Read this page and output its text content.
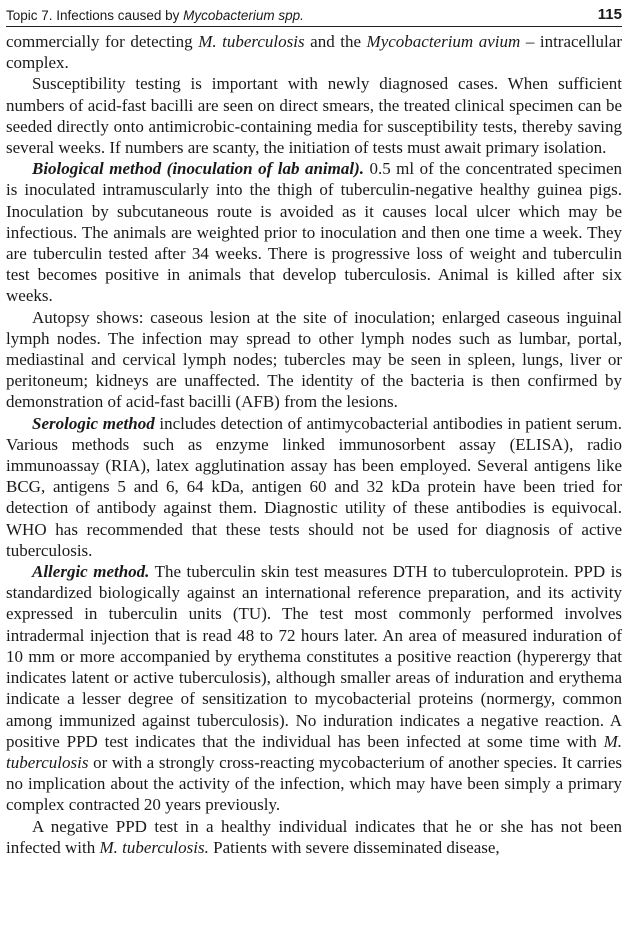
Topic 7. Infections caused by Mycobacterium spp.	115

commercially for detecting M. tuberculosis and the Mycobacterium avium – intracellular complex.

Susceptibility testing is important with newly diagnosed cases. When sufficient numbers of acid-fast bacilli are seen on direct smears, the treated clinical specimen can be seeded directly onto antimicrobic-containing media for susceptibility tests, thereby saving several weeks. If numbers are scanty, the initiation of tests must await primary isolation.

Biological method (inoculation of lab animal). 0.5 ml of the concentrated specimen is inoculated intramuscularly into the thigh of tuberculin-negative healthy guinea pigs. Inoculation by subcutaneous route is avoided as it causes local ulcer which may be infectious. The animals are weighted prior to inoculation and then one time a week. They are tuberculin tested after 34 weeks. There is progressive loss of weight and tuberculin test becomes positive in animals that develop tuberculosis. Animal is killed after six weeks.

Autopsy shows: caseous lesion at the site of inoculation; enlarged caseous inguinal lymph nodes. The infection may spread to other lymph nodes such as lumbar, portal, mediastinal and cervical lymph nodes; tubercles may be seen in spleen, lungs, liver or peritoneum; kidneys are unaffected. The identity of the bacteria is then confirmed by demonstration of acid-fast bacilli (AFB) from the lesions.

Serologic method includes detection of antimycobacterial antibodies in patient serum. Various methods such as enzyme linked immunosorbent assay (ELISA), radio immunoassay (RIA), latex agglutination assay has been employed. Several antigens like BCG, antigens 5 and 6, 64 kDa, antigen 60 and 32 kDa protein have been tried for detection of antibody against them. Diagnostic utility of these antibodies is equivocal. WHO has recommended that these tests should not be used for diagnosis of active tuberculosis.

Allergic method. The tuberculin skin test measures DTH to tuberculoprotein. PPD is standardized biologically against an international reference preparation, and its activity expressed in tuberculin units (TU). The test most commonly performed involves intradermal injection that is read 48 to 72 hours later. An area of measured induration of 10 mm or more accompanied by erythema constitutes a positive reaction (hyperergy that indicates latent or active tuberculosis), although smaller areas of induration and erythema indicate a lesser degree of sensitization to mycobacterial proteins (normergy, common among immunized against tuberculosis). No induration indicates a negative reaction. A positive PPD test indicates that the individual has been infected at some time with M. tuberculosis or with a strongly cross-reacting mycobacterium of another species. It carries no implication about the activity of the infection, which may have been simply a primary complex contracted 20 years previously.

A negative PPD test in a healthy individual indicates that he or she has not been infected with M. tuberculosis. Patients with severe disseminated disease,
